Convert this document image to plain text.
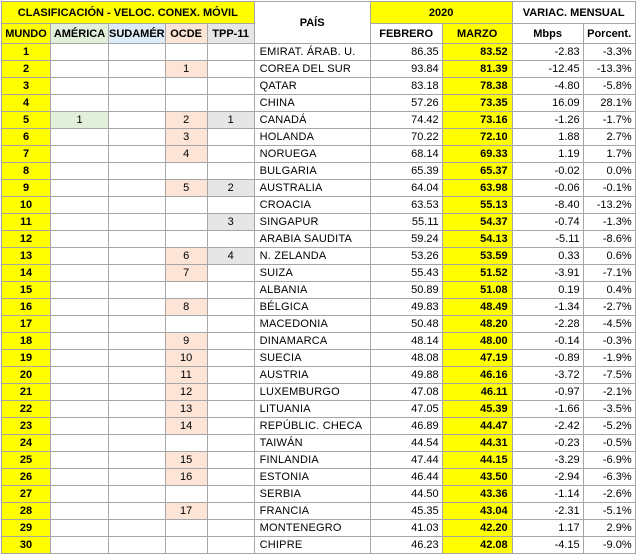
CLASIFICACIÓN - VELOC. CONEX. MÓVIL					PAÍS	2020		VARIAC. MENSUAL	
MUNDO	AMÉRICA	SUDAMÉR	OCDE	TPP-11		FEBRERO	MARZO	Mbps	Porcent.
1					EMIRAT. ÁRAB. U.	86.35	83.52	-2.83	-3.3%
2			1		COREA DEL SUR	93.84	81.39	-12.45	-13.3%
3					QATAR	83.18	78.38	-4.80	-5.8%
4					CHINA	57.26	73.35	16.09	28.1%
5	1		2	1	CANADÁ	74.42	73.16	-1.26	-1.7%
6			3		HOLANDA	70.22	72.10	1.88	2.7%
7			4		NORUEGA	68.14	69.33	1.19	1.7%
8					BULGARIA	65.39	65.37	-0.02	0.0%
9			5	2	AUSTRALIA	64.04	63.98	-0.06	-0.1%
10					CROACIA	63.53	55.13	-8.40	-13.2%
11				3	SINGAPUR	55.11	54.37	-0.74	-1.3%
12					ARABIA SAUDITA	59.24	54.13	-5.11	-8.6%
13			6	4	N. ZELANDA	53.26	53.59	0.33	0.6%
14			7		SUIZA	55.43	51.52	-3.91	-7.1%
15					ALBANIA	50.89	51.08	0.19	0.4%
16			8		BÉLGICA	49.83	48.49	-1.34	-2.7%
17					MACEDONIA	50.48	48.20	-2.28	-4.5%
18			9		DINAMARCA	48.14	48.00	-0.14	-0.3%
19			10		SUECIA	48.08	47.19	-0.89	-1.9%
20			11		AUSTRIA	49.88	46.16	-3.72	-7.5%
21			12		LUXEMBURGO	47.08	46.11	-0.97	-2.1%
22			13		LITUANIA	47.05	45.39	-1.66	-3.5%
23			14		REPÚBLIC. CHECA	46.89	44.47	-2.42	-5.2%
24					TAIWÁN	44.54	44.31	-0.23	-0.5%
25			15		FINLANDIA	47.44	44.15	-3.29	-6.9%
26			16		ESTONIA	46.44	43.50	-2.94	-6.3%
27					SERBIA	44.50	43.36	-1.14	-2.6%
28			17		FRANCIA	45.35	43.04	-2.31	-5.1%
29					MONTENEGRO	41.03	42.20	1.17	2.9%
30					CHIPRE	46.23	42.08	-4.15	-9.0%
